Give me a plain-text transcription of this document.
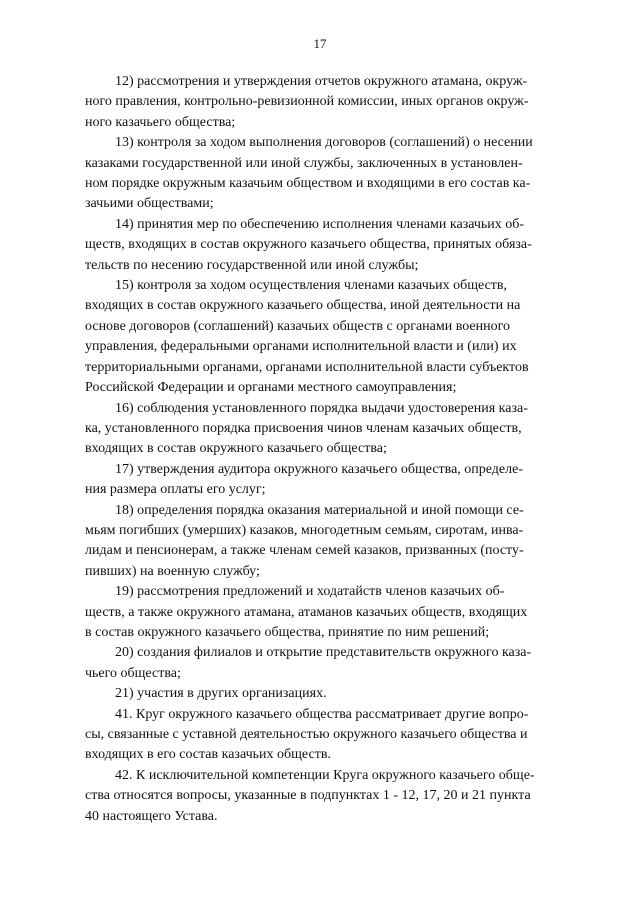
17

12) рассмотрения и утверждения отчетов окружного атамана, окруж-
ного правления, контрольно-ревизионной комиссии, иных органов окруж-
ного казачьего общества;

13) контроля за ходом выполнения договоров (соглашений) о несении
казаками государственной или иной службы, заключенных в установлен-
ном порядке окружным казачьим обществом и входящими в его состав ка-
зачьими обществами;

14) принятия мер по обеспечению исполнения членами казачьих об-
ществ, входящих в состав окружного казачьего общества, принятых обяза-
тельств по несению государственной или иной службы;

15) контроля за ходом осуществления членами казачьих обществ,
входящих в состав окружного казачьего общества, иной деятельности на
основе договоров (соглашений) казачьих обществ с органами военного
управления, федеральными органами исполнительной власти и (или) их
территориальными органами, органами исполнительной власти субъектов
Российской Федерации и органами местного самоуправления;

16) соблюдения установленного порядка выдачи удостоверения каза-
ка, установленного порядка присвоения чинов членам казачьих обществ,
входящих в состав окружного казачьего общества;

17) утверждения аудитора окружного казачьего общества, определе-
ния размера оплаты его услуг;

18) определения порядка оказания материальной и иной помощи се-
мьям погибших (умерших) казаков, многодетным семьям, сиротам, инва-
лидам и пенсионерам, а также членам семей казаков, призванных (посту-
пивших) на военную службу;

19) рассмотрения предложений и ходатайств членов казачьих об-
ществ, а также окружного атамана, атаманов казачьих обществ, входящих
в состав окружного казачьего общества, принятие по ним решений;

20) создания филиалов и открытие представительств окружного каза-
чьего общества;

21) участия в других организациях.

41. Круг окружного казачьего общества рассматривает другие вопро-
сы, связанные с уставной деятельностью окружного казачьего общества и
входящих в его состав казачьих обществ.

42. К исключительной компетенции Круга окружного казачьего обще-
ства относятся вопросы, указанные в подпунктах 1 - 12, 17, 20 и 21 пункта
40 настоящего Устава.
